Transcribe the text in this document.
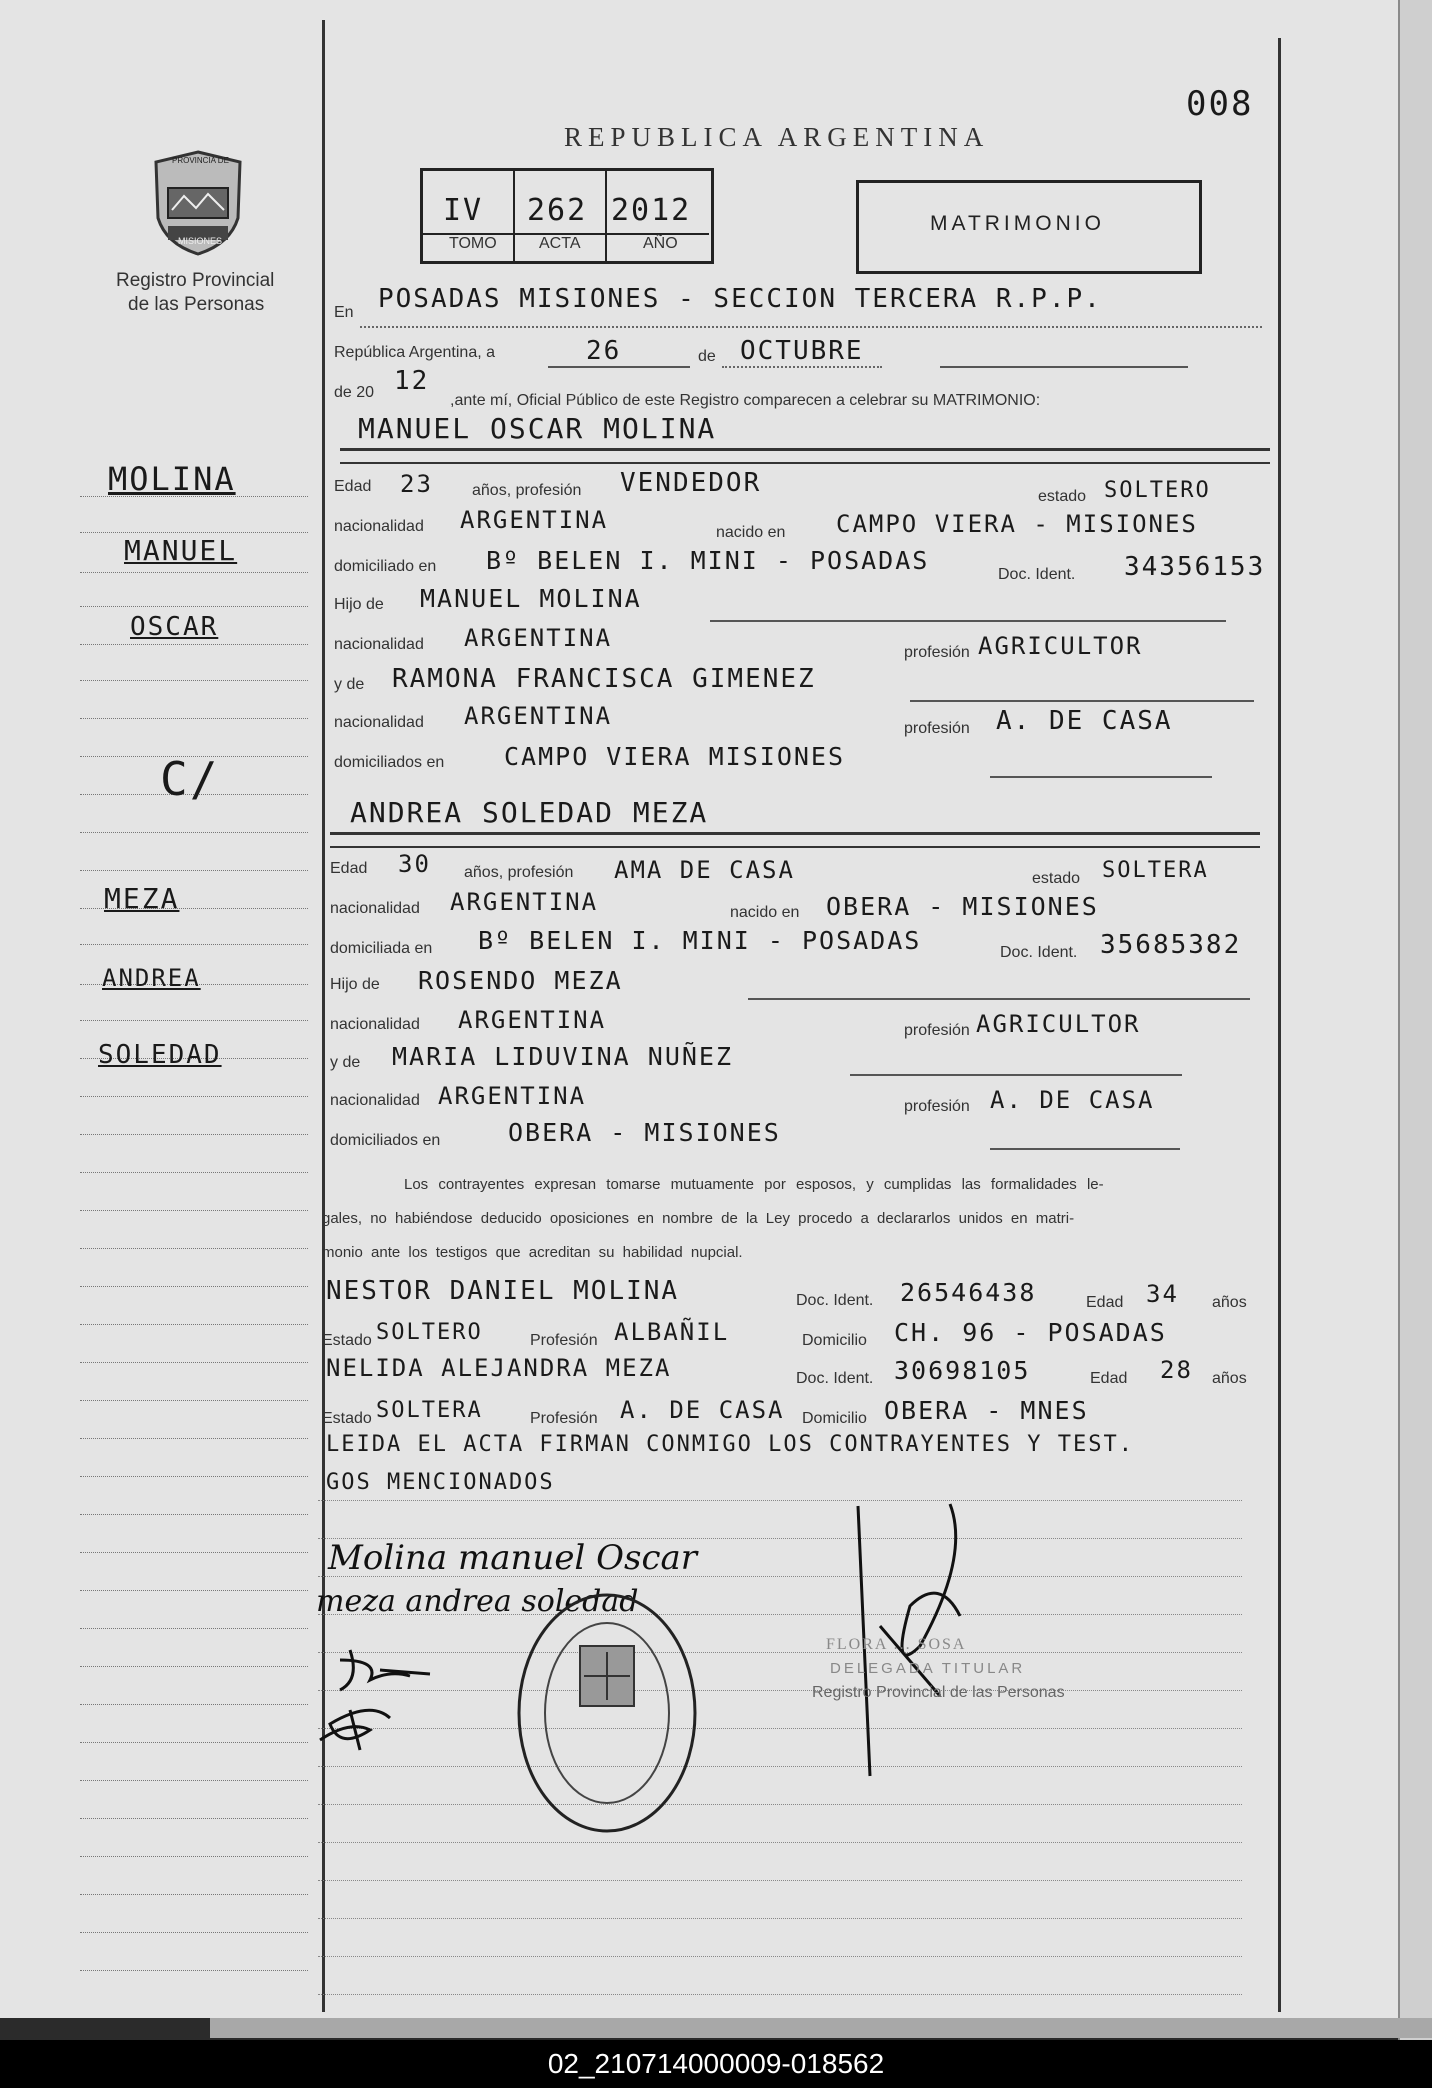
008
PROVINCIA DE
MISIONES
Registro Provincial
de las Personas
REPUBLICA ARGENTINA
IV
TOMO
262
ACTA
2012
AÑO
MATRIMONIO
MOLINA
MANUEL
OSCAR
C/
MEZA
ANDREA
SOLEDAD
En POSADAS MISIONES - SECCION TERCERA R.P.P.
República Argentina, a	26	de OCTUBRE
de 20 12
,ante mí, Oficial Público de este Registro comparecen a celebrar su MATRIMONIO:
MANUEL OSCAR MOLINA
Edad 23 años, profesión VENDEDOR	estado SOLTERO
nacionalidad ARGENTINA	nacido en CAMPO VIERA - MISIONES
domiciliado en Bº BELEN I. MINI - POSADAS	Doc. Ident. 34356153
Hijo de MANUEL MOLINA
nacionalidad ARGENTINA
profesión AGRICULTOR
y de RAMONA FRANCISCA GIMENEZ
nacionalidad ARGENTINA	profesión A. DE CASA
domiciliados en CAMPO VIERA MISIONES
ANDREA SOLEDAD MEZA
Edad 30 años, profesión AMA DE CASA	estado SOLTERA
nacionalidad ARGENTINA	nacido en OBERA - MISIONES
domiciliada en Bº BELEN I. MINI - POSADAS	Doc. Ident. 35685382
Hijo de ROSENDO MEZA
nacionalidad ARGENTINA	profesión AGRICULTOR
y de MARIA LIDUVINA NUÑEZ
nacionalidad ARGENTINA	profesión A. DE CASA
domiciliados en	OBERA - MISIONES
Los contrayentes expresan tomarse mutuamente por esposos, y cumplidas las formalidades le-
gales, no habiéndose deducido oposiciones en nombre de la Ley procedo a declararlos unidos en matri-
monio ante los testigos que acreditan su habilidad nupcial.
NESTOR DANIEL MOLINA	Doc. Ident. 26546438	Edad 34 años
Estado SOLTERO	Profesión ALBAÑIL	Domicilio CH. 96 - POSADAS
NELIDA ALEJANDRA MEZA	Doc. Ident. 30698105	Edad 28 años
Estado SOLTERA	Profesión A. DE CASA Domicilio OBERA - MNES
LEIDA EL ACTA FIRMAN CONMIGO LOS CONTRAYENTES Y TEST.
GOS MENCIONADOS
Molina manuel Oscar
meza andrea soledad
FLORA ... SOSA
DELEGADA TITULAR
Registro Provincial de las Personas
02_210714000009-018562
